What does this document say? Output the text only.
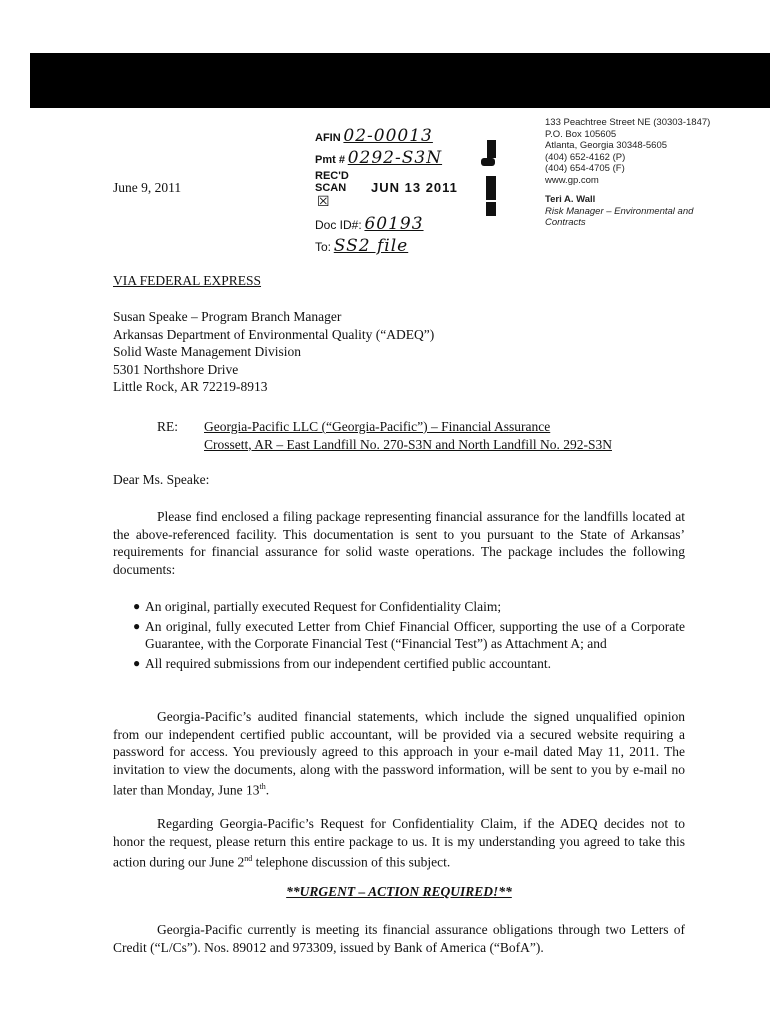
AFIN 02-00013
Pmt # 0292-S3N
REC'D
SCAN
☒
JUN 13 2011
Doc ID#: 60193
To: SS2 file
133 Peachtree Street NE (30303-1847)
P.O. Box 105605
Atlanta, Georgia 30348-5605
(404) 652-4162 (P)
(404) 654-4705 (F)
www.gp.com
Teri A. Wall
Risk Manager – Environmental and
Contracts
June 9, 2011
VIA FEDERAL EXPRESS
Susan Speake – Program Branch Manager
Arkansas Department of Environmental Quality (“ADEQ”)
Solid Waste Management Division
5301 Northshore Drive
Little Rock, AR 72219-8913
RE: Georgia-Pacific LLC (“Georgia-Pacific”) – Financial Assurance
Crossett, AR – East Landfill No. 270-S3N and North Landfill No. 292-S3N
Dear Ms. Speake:
Please find enclosed a filing package representing financial assurance for the landfills located at the above-referenced facility. This documentation is sent to you pursuant to the State of Arkansas’ requirements for financial assurance for solid waste operations. The package includes the following documents:
● An original, partially executed Request for Confidentiality Claim;
● An original, fully executed Letter from Chief Financial Officer, supporting the use of a Corporate Guarantee, with the Corporate Financial Test (“Financial Test”) as Attachment A; and
● All required submissions from our independent certified public accountant.
Georgia-Pacific’s audited financial statements, which include the signed unqualified opinion from our independent certified public accountant, will be provided via a secured website requiring a password for access. You previously agreed to this approach in your e-mail dated May 11, 2011. The invitation to view the documents, along with the password information, will be sent to you by e-mail no later than Monday, June 13th.
Regarding Georgia-Pacific’s Request for Confidentiality Claim, if the ADEQ decides not to honor the request, please return this entire package to us. It is my understanding you agreed to take this action during our June 2nd telephone discussion of this subject.
**URGENT – ACTION REQUIRED!**
Georgia-Pacific currently is meeting its financial assurance obligations through two Letters of Credit (“L/Cs”). Nos. 89012 and 973309, issued by Bank of America (“BofA”).
